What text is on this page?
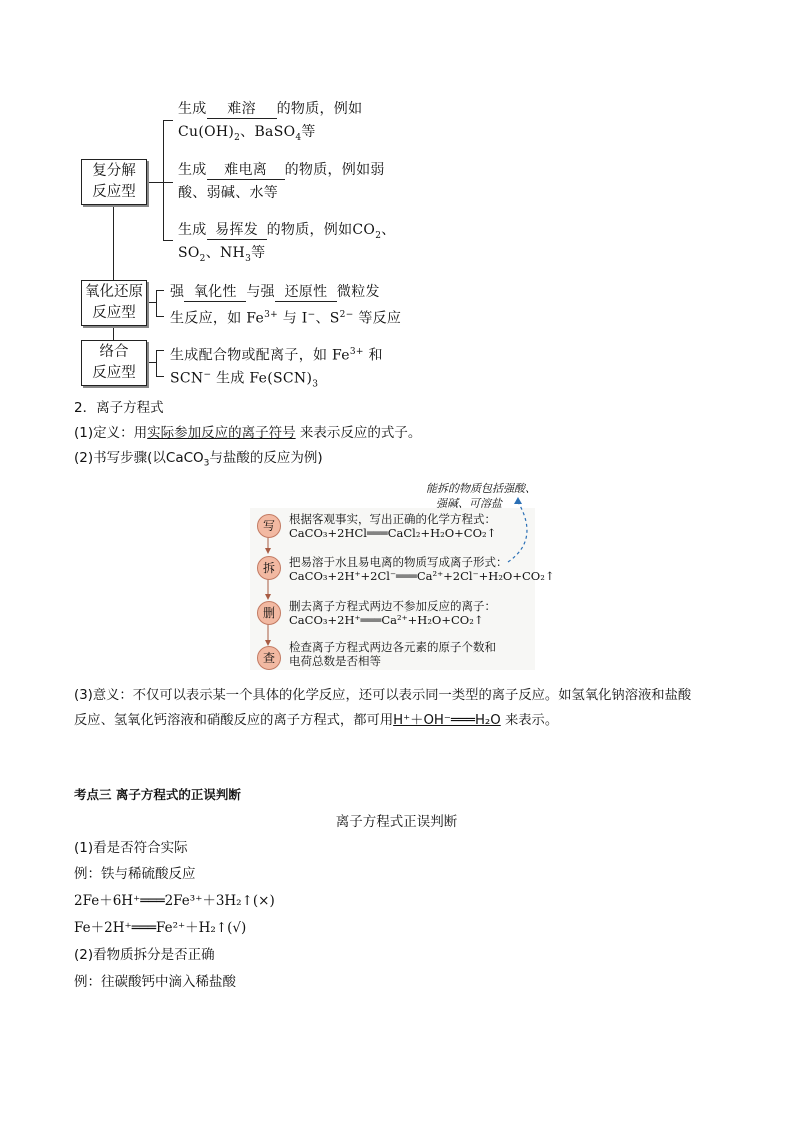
复分解
反应型
氧化还原
反应型
络合
反应型
生成 难溶 的物质，例如
$Cu(OH)_2$、BaSO$_4$等
生成 难电离 的物质，例如弱
酸、弱碱、水等
生成 易挥发 的物质，例如$CO_2$、
$SO_2$、$NH_3$等
强 氧化性 与强 还原性 微粒发
生反应，如 $Fe^{3+}$ 与 I−、$S^{2-}$ 等反应
生成配合物或配离子，如 $Fe^{3+}$ 和
SCN− 生成 $Fe(SCN)_3$
2．离子方程式
(1)定义：用实际参加反应的离子符号 来表示反应的式子。
(2)书写步骤(以CaCO$_3$与盐酸的反应为例)
能拆的物质包括强酸、
强碱、可溶盐
写	根据客观事实，写出正确的化学方程式：
CaCO₃+2HCl═══CaCl₂+H₂O+CO₂↑
拆	把易溶于水且易电离的物质写成离子形式：
CaCO₃+2H⁺+2Cl⁻═══Ca²⁺+2Cl⁻+H₂O+CO₂↑
删	删去离子方程式两边不参加反应的离子：
CaCO₃+2H⁺═══Ca²⁺+H₂O+CO₂↑
查
检查离子方程式两边各元素的原子个数和
电荷总数是否相等
(3)意义：不仅可以表示某一个具体的化学反应，还可以表示同一类型的离子反应。如氢氧化钠溶液和盐酸
反应、氢氧化钙溶液和硝酸反应的离子方程式，都可用H⁺＋OH⁻═══H₂O 来表示。
考点三 离子方程式的正误判断
离子方程式正误判断
(1)看是否符合实际
例：铁与稀硫酸反应
2Fe＋6H⁺═══2Fe³⁺＋3H₂↑(×)
Fe＋2H⁺═══Fe²⁺＋H₂↑(√)
(2)看物质拆分是否正确
例：往碳酸钙中滴入稀盐酸
